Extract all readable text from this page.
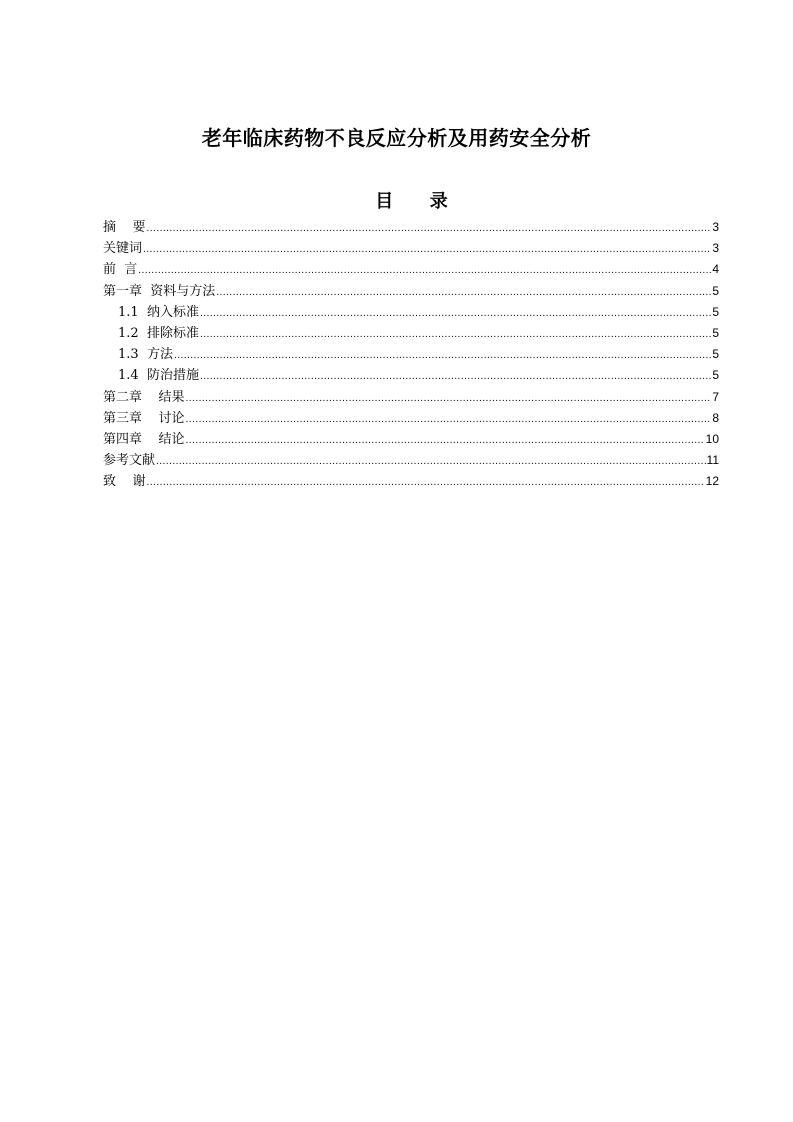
老年临床药物不良反应分析及用药安全分析
目  录
摘    要 .....	3
关键词 .....	3
前  言 .....	4
第一章  资料与方法 .....	5
1.1  纳入标准 .....	5
1.2  排除标准 .....	5
1.3  方法 .....	5
1.4  防治措施 .....	5
第二章    结果 .....	7
第三章    讨论 .....	8
第四章    结论 .....	10
参考文献 .....	11
致    谢 .....	12
